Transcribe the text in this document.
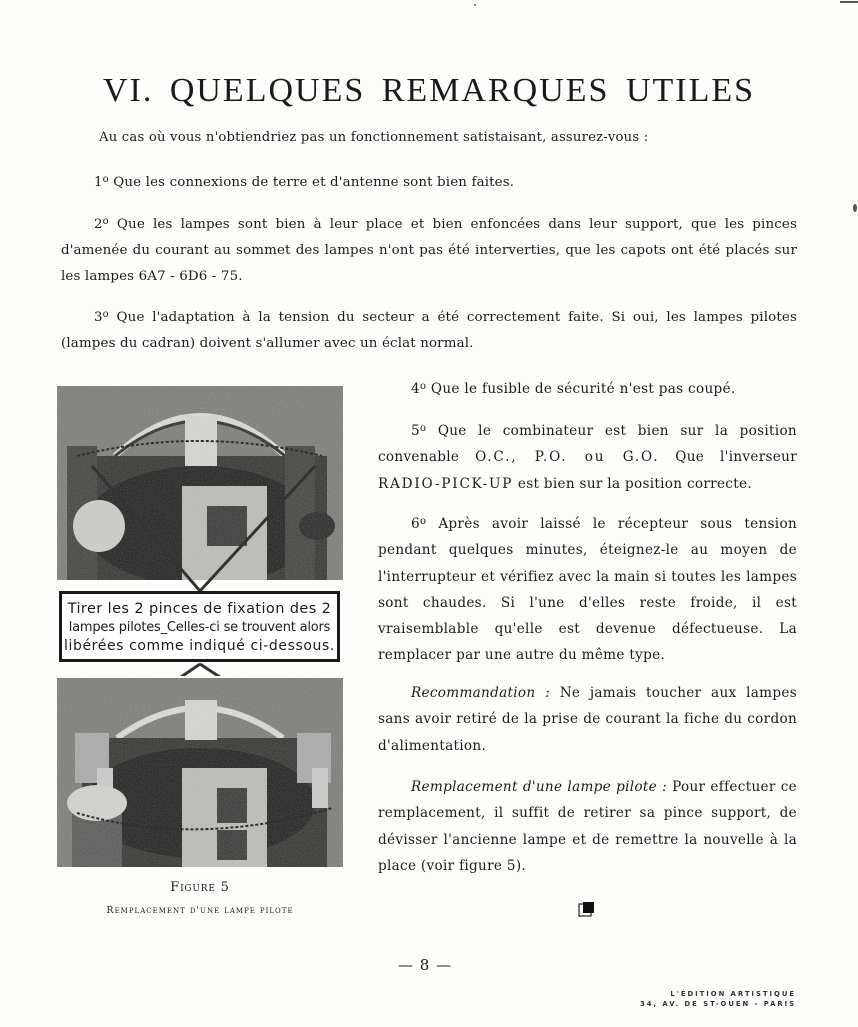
VI. QUELQUES REMARQUES UTILES
Au cas où vous n'obtiendriez pas un fonctionnement satistaisant, assurez-vous :
1$^o$ Que les connexions de terre et d'antenne sont bien faites.
2$^o$ Que les lampes sont bien à leur place et bien enfoncées dans leur support, que les pinces d'amenée du courant au sommet des lampes n'ont pas été interverties, que les capots ont été placés sur les lampes 6A7 - 6D6 - 75.
3$^o$ Que l'adaptation à la tension du secteur a été correctement faite. Si oui, les lampes pilotes (lampes du cadran) doivent s'allumer avec un éclat normal.
4$^o$ Que le fusible de sécurité n'est pas coupé.
5$^o$ Que le combinateur est bien sur la position convenable O.C., P.O. ou G.O. Que l'inverseur RADIO-PICK-UP est bien sur la position correcte.
6$^o$ Après avoir laissé le récepteur sous tension pendant quelques minutes, éteignez-le au moyen de l'interrupteur et vérifiez avec la main si toutes les lampes sont chaudes. Si l'une d'elles reste froide, il est vraisemblable qu'elle est devenue défectueuse. La remplacer par une autre du même type.
Recommandation : Ne jamais toucher aux lampes sans avoir retiré de la prise de courant la fiche du cordon d'alimentation.
Remplacement d'une lampe pilote : Pour effectuer ce remplacement, il suffit de retirer sa pince support, de dévisser l'ancienne lampe et de remettre la nouvelle à la place (voir figure 5).
Tirer les 2 pinces de fixation des 2
lampes pilotes_Celles-ci se trouvent alors
libérées comme indiqué ci-dessous.
Figure 5
Remplacement d'une lampe pilote
— 8 —
L'ÉDITION ARTISTIQUE
34, AV. DE ST-OUEN - PARIS
